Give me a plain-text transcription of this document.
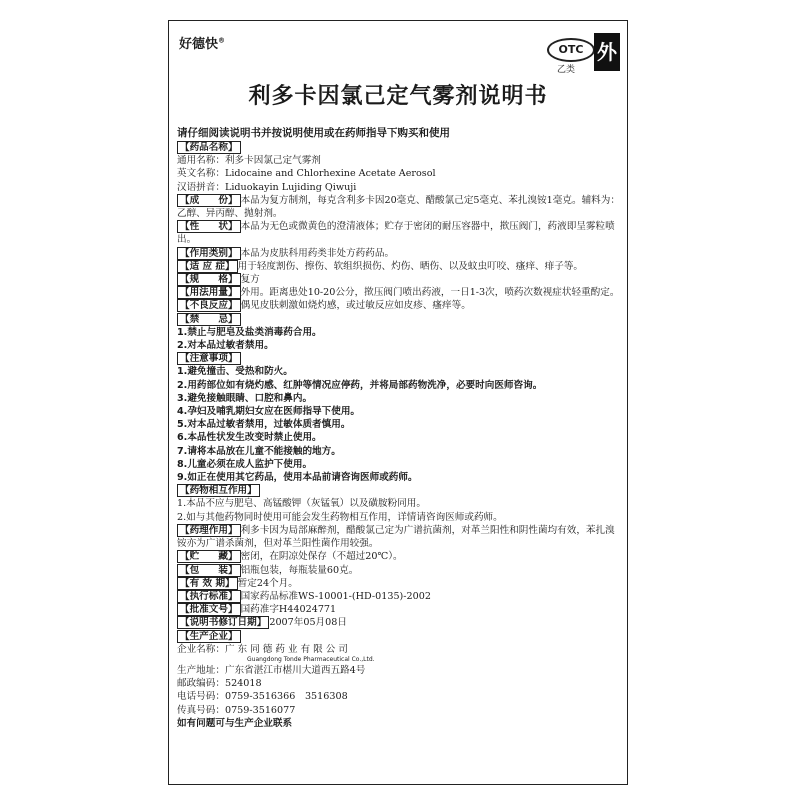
好德快®
OTC
乙类
外
利多卡因氯己定气雾剂说明书
请仔细阅读说明书并按说明使用或在药师指导下购买和使用
【药品名称】
通用名称：利多卡因氯己定气雾剂
英文名称：Lidocaine and Chlorhexine Acetate Aerosol
汉语拼音：Liduokayin Lujiding Qiwuji
【成　　份】 本品为复方制剂，每克含利多卡因20毫克、醋酸氯己定5毫克、苯扎溴铵1毫克。辅料为：乙醇、异丙醇、抛射剂。
【性　　状】 本品为无色或微黄色的澄清液体；贮存于密闭的耐压容器中，揿压阀门，药液即呈雾粒喷出。
【作用类别】 本品为皮肤科用药类非处方药药品。
【适 应 症】 用于轻度割伤、擦伤、软组织损伤、灼伤、晒伤、以及蚊虫叮咬、瘙痒、痱子等。
【规　　格】 复方
【用法用量】 外用。距离患处10-20公分，揿压阀门喷出药液，一日1-3次，喷药次数视症状轻重酌定。
【不良反应】 偶见皮肤刺激如烧灼感，或过敏反应如皮疹、瘙痒等。
【禁　　忌】
1.禁止与肥皂及盐类消毒药合用。
2.对本品过敏者禁用。
【注意事项】
1.避免撞击、受热和防火。
2.用药部位如有烧灼感、红肿等情况应停药，并将局部药物洗净，必要时向医师咨询。
3.避免接触眼睛、口腔和鼻内。
4.孕妇及哺乳期妇女应在医师指导下使用。
5.对本品过敏者禁用，过敏体质者慎用。
6.本品性状发生改变时禁止使用。
7.请将本品放在儿童不能接触的地方。
8.儿童必须在成人监护下使用。
9.如正在使用其它药品，使用本品前请咨询医师或药师。
【药物相互作用】
1.本品不应与肥皂、高锰酸钾（灰锰氧）以及磺胺粉同用。
2.如与其他药物同时使用可能会发生药物相互作用，详情请咨询医师或药师。
【药理作用】 利多卡因为局部麻醉剂，醋酸氯己定为广谱抗菌剂，对革兰阳性和阴性菌均有效，苯扎溴铵亦为广谱杀菌剂，但对革兰阳性菌作用较强。
【贮　　藏】 密闭，在阴凉处保存（不超过20℃）。
【包　　装】 铝瓶包装，每瓶装量60克。
【有 效 期】 暂定24个月。
【执行标准】 国家药品标准WS-10001-(HD-0135)-2002
【批准文号】 国药准字H44024771
【说明书修订日期】 2007年05月08日
【生产企业】
企业名称：广东同德药业有限公司
Guangdong Tonde Pharmaceutical Co.,Ltd.
生产地址：广东省湛江市椹川大道西五路4号
邮政编码：524018
电话号码：0759-3516366　3516308
传真号码：0759-3516077
如有问题可与生产企业联系
